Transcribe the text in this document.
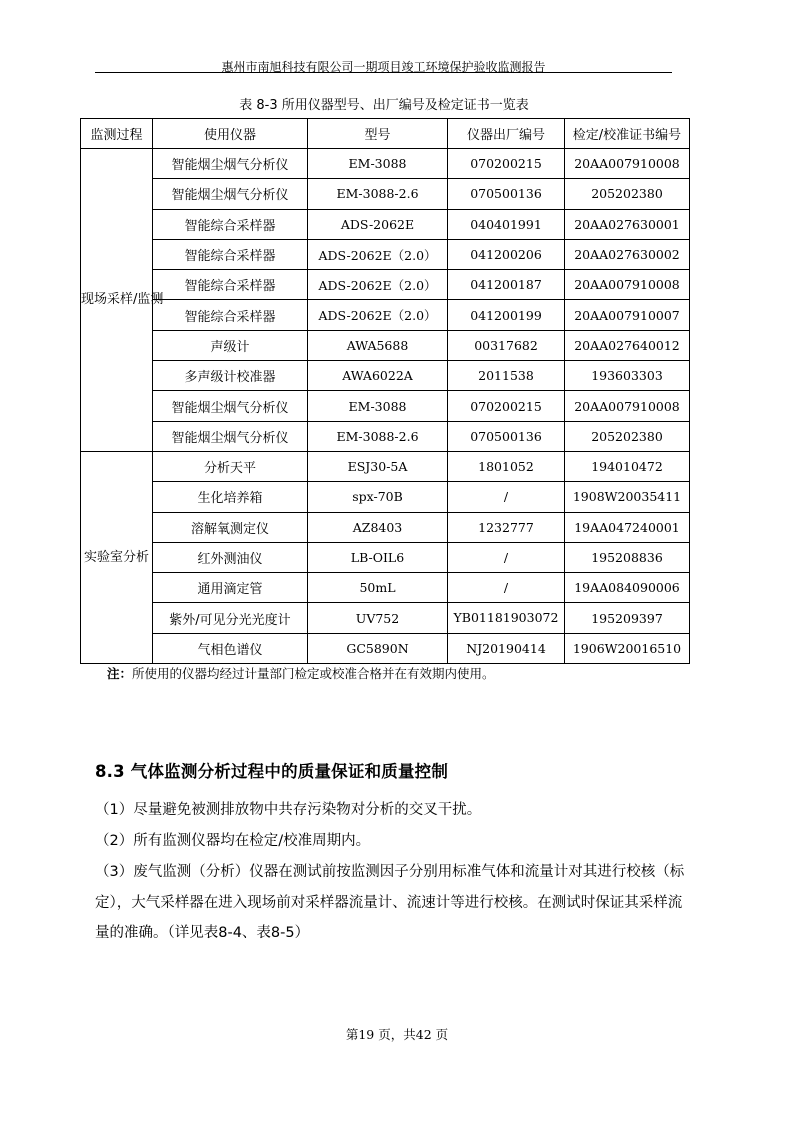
惠州市南旭科技有限公司一期项目竣工环境保护验收监测报告
表 8-3 所用仪器型号、出厂编号及检定证书一览表
监测过程	使用仪器	型号	仪器出厂编号	检定/校准证书编号
现场采样/监测	智能烟尘烟气分析仪	EM-3088	070200215	20AA007910008
	智能烟尘烟气分析仪	EM-3088-2.6	070500136	205202380
	智能综合采样器	ADS-2062E	040401991	20AA027630001
	智能综合采样器	ADS-2062E（2.0）	041200206	20AA027630002
	智能综合采样器	ADS-2062E（2.0）	041200187	20AA007910008
	智能综合采样器	ADS-2062E（2.0）	041200199	20AA007910007
	声级计	AWA5688	00317682	20AA027640012
	多声级计校准器	AWA6022A	2011538	193603303
	智能烟尘烟气分析仪	EM-3088	070200215	20AA007910008
	智能烟尘烟气分析仪	EM-3088-2.6	070500136	205202380
实验室分析	分析天平	ESJ30-5A	1801052	194010472
	生化培养箱	spx-70B	/	1908W20035411
	溶解氧测定仪	AZ8403	1232777	19AA047240001
	红外测油仪	LB-OIL6	/	195208836
	通用滴定管	50mL	/	19AA084090006
	紫外/可见分光光度计	UV752	YB01181903072	195209397
	气相色谱仪	GC5890N	NJ20190414	1906W20016510
注：所使用的仪器均经过计量部门检定或校准合格并在有效期内使用。
8.3 气体监测分析过程中的质量保证和质量控制
（1）尽量避免被测排放物中共存污染物对分析的交叉干扰。
（2）所有监测仪器均在检定/校准周期内。
（3）废气监测（分析）仪器在测试前按监测因子分别用标准气体和流量计对其进行校核（标定），大气采样器在进入现场前对采样器流量计、流速计等进行校核。在测试时保证其采样流量的准确。（详见表8-4、表8-5）
第19 页，共42 页
